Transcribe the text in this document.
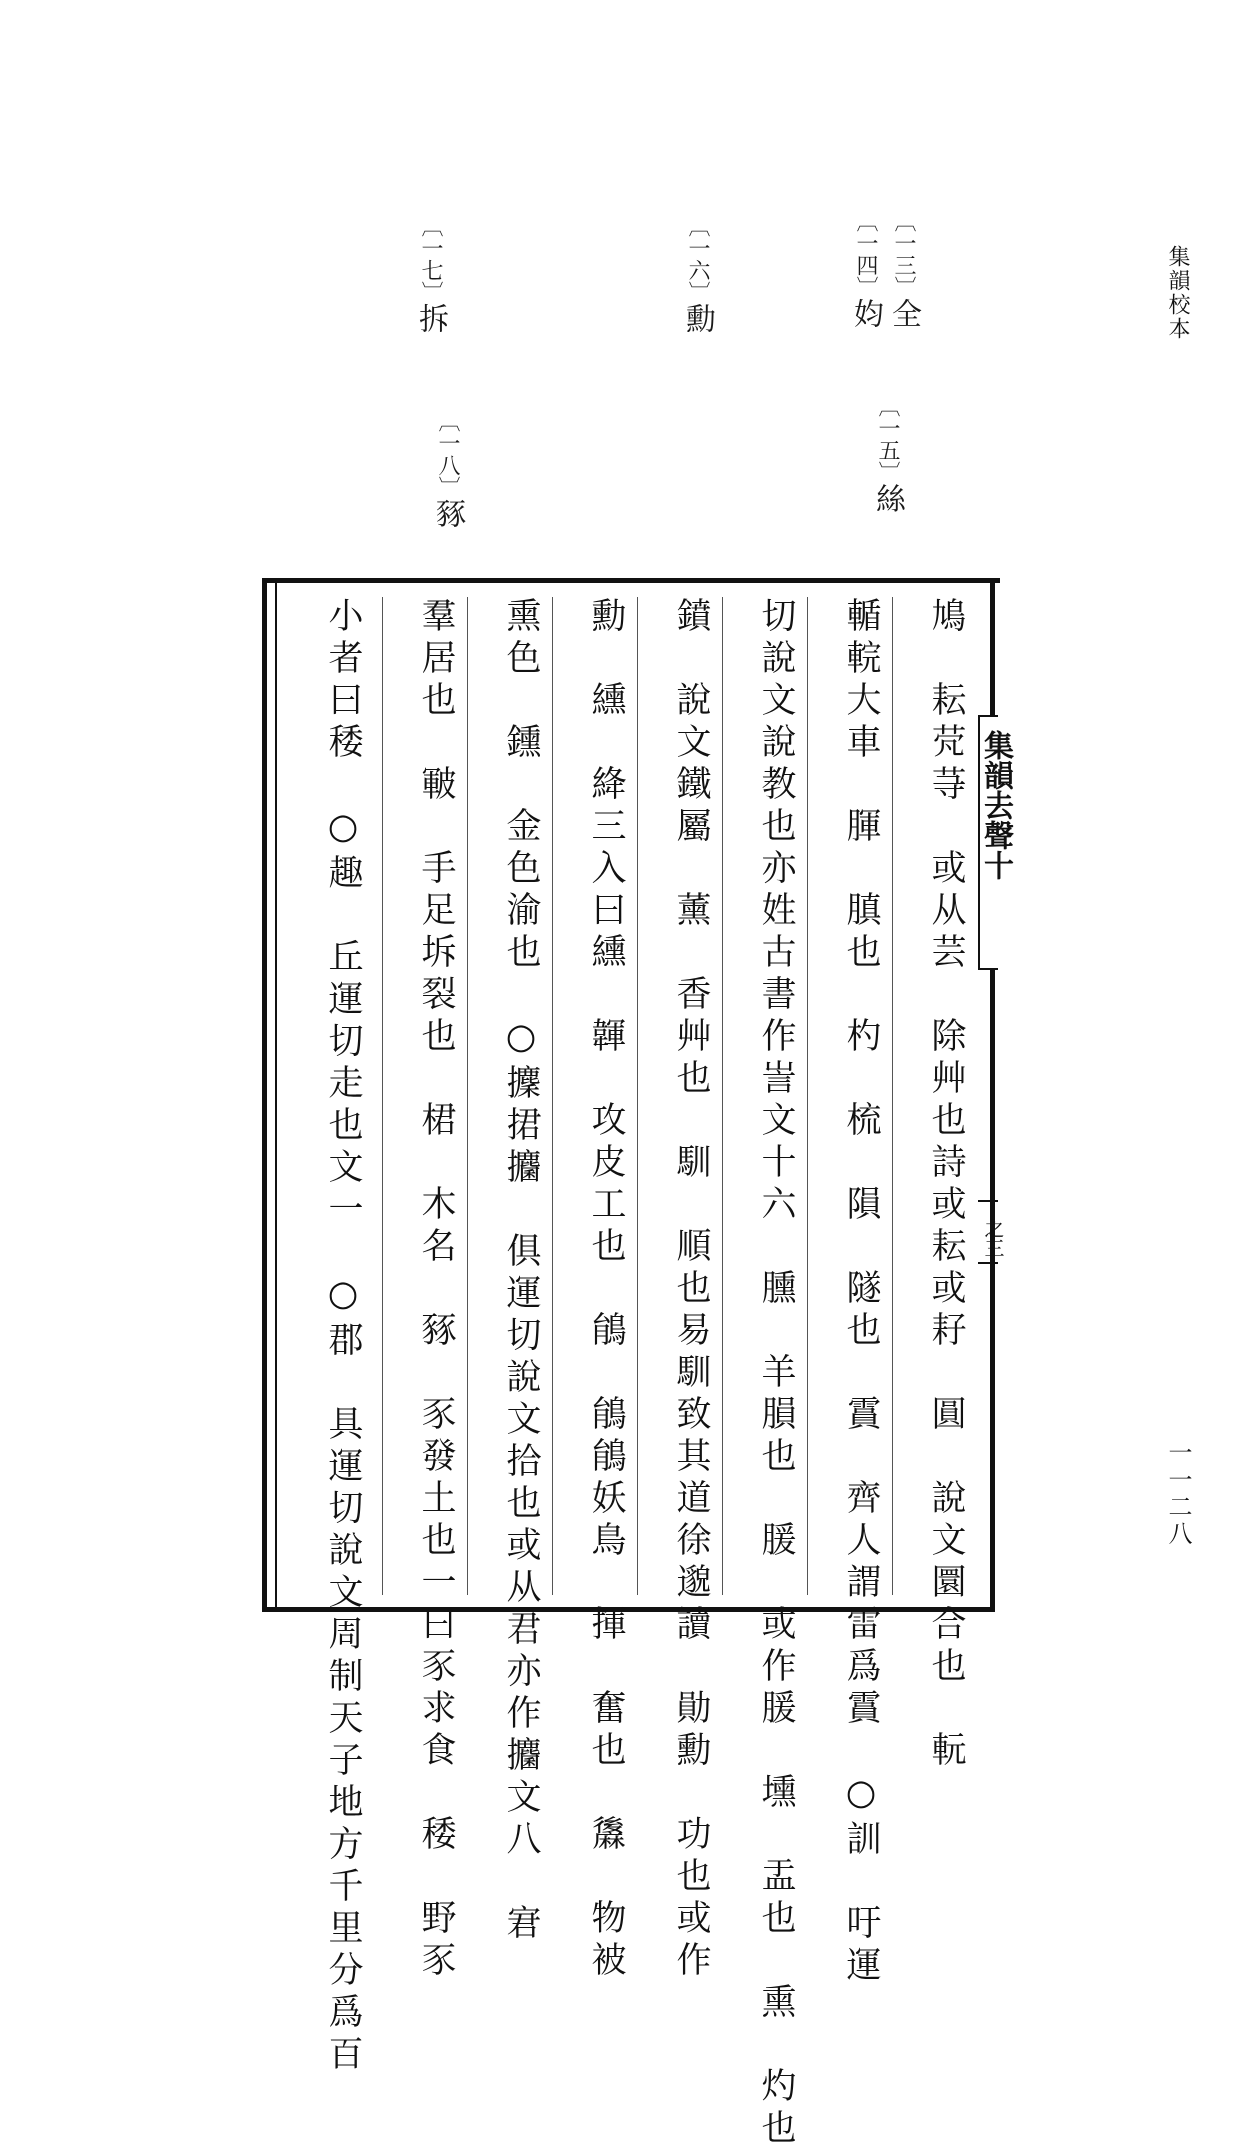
集韻校本
一一二八
〔一三〕全
〔一四〕㚬
〔一五〕絲
〔一六〕勳
〔一七〕拆
〔一八〕豩
鳩　耘䒮䒭　或从芸　除艸也詩或耘或耔　圓　說文圜合也　䡇
輴輐大車　腪　䐜也　杓　梳　隕　隧也　霣　齊人謂雷爲霣　○訓　吁運
切說文說教也亦姓古書作訔文十六　臐　羊䐣也　䐘　或作䐘　壎　盂也　熏　灼也
鐼　說文鐵屬　薰　香艸也　馴　順也易馴致其道徐邈讀　勛勳　功也或作
勳　纁　絳三入曰纁　韗　攻皮工也　䳌　䳌䳌妖鳥　揮　奮也　䵈　物被
熏色　鑂　金色渝也　○攈捃攟　俱運切說文拾也或从君亦作攟文八　宭
羣居也　皸　手足坼裂也　桾　木名　豩　豕發土也一曰豕求食　䅗　野豕
小者曰䅗　○趣　丘運切走也文一　○郡　具運切說文周制天子地方千里分爲百	集韻去聲十
之三
